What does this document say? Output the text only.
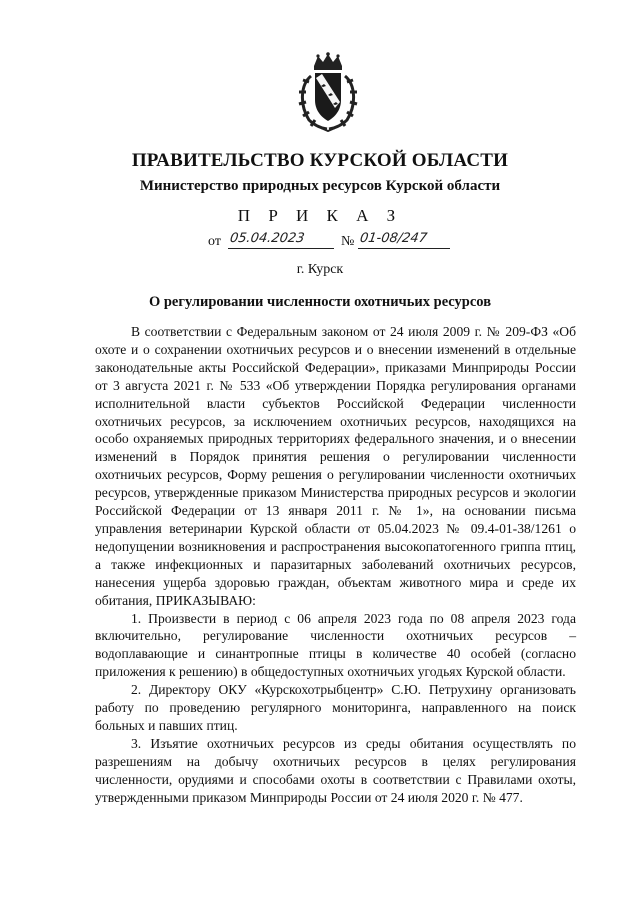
ПРАВИТЕЛЬСТВО КУРСКОЙ ОБЛАСТИ
Министерство природных ресурсов Курской области
П Р И К А З
от 05.04.2023	№ 01-08/247
г. Курск
О регулировании численности охотничьих ресурсов

В соответствии с Федеральным законом от 24 июля 2009 г. № 209-ФЗ «Об охоте и о сохранении охотничьих ресурсов и о внесении изменений в отдельные законодательные акты Российской Федерации», приказами Минприроды России от 3 августа 2021 г. № 533 «Об утверждении Порядка регулирования органами исполнительной власти субъектов Российской Федерации численности охотничьих ресурсов, за исключением охотничьих ресурсов, находящихся на особо охраняемых природных территориях федерального значения, и о внесении изменений в Порядок принятия решения о регулировании численности охотничьих ресурсов, Форму решения о регулировании численности охотничьих ресурсов, утвержденные приказом Министерства природных ресурсов и экологии Российской Федерации от 13 января 2011 г. № 1», на основании письма управления ветеринарии Курской области от 05.04.2023 № 09.4-01-38/1261 о недопущении возникновения и распространения высокопатогенного гриппа птиц, а также инфекционных и паразитарных заболеваний охотничьих ресурсов, нанесения ущерба здоровью граждан, объектам животного мира и среде их обитания, ПРИКАЗЫВАЮ:

1. Произвести в период с 06 апреля 2023 года по 08 апреля 2023 года включительно, регулирование численности охотничьих ресурсов – водоплавающие и синантропные птицы в количестве 40 особей (согласно приложения к решению) в общедоступных охотничьих угодьях Курской области.

2. Директору ОКУ «Курскохотрыбцентр» С.Ю. Петрухину организовать работу по проведению регулярного мониторинга, направленного на поиск больных и павших птиц.

3. Изъятие охотничьих ресурсов из среды обитания осуществлять по разрешениям на добычу охотничьих ресурсов в целях регулирования численности, орудиями и способами охоты в соответствии с Правилами охоты, утвержденными приказом Минприроды России от 24 июля 2020 г. № 477.
